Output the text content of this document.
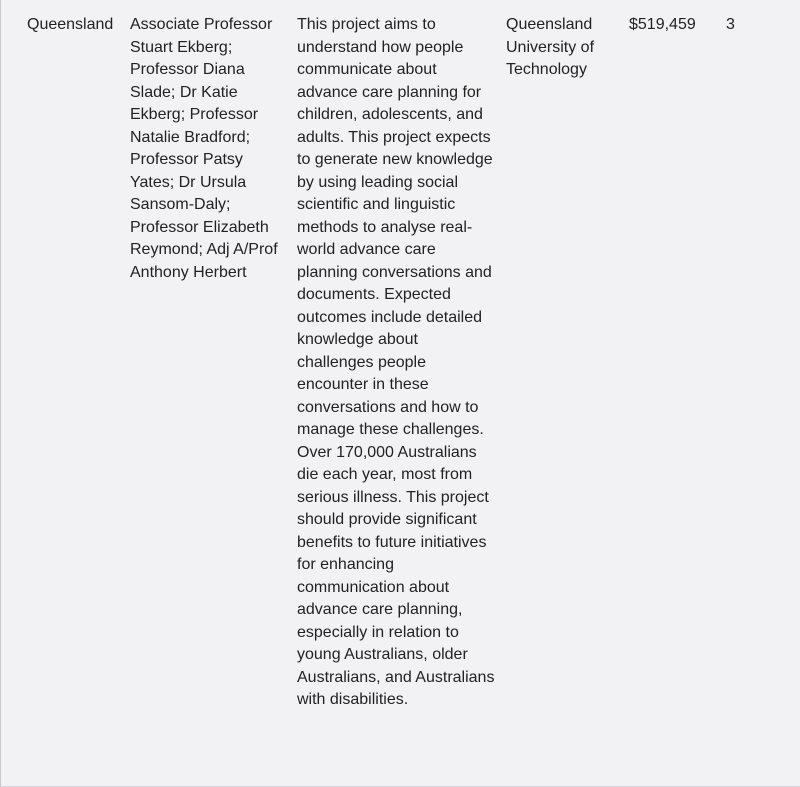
Queensland	Associate Professor Stuart Ekberg; Professor Diana Slade; Dr Katie Ekberg; Professor Natalie Bradford; Professor Patsy Yates; Dr Ursula Sansom-Daly; Professor Elizabeth Reymond; Adj A/Prof Anthony Herbert
This project aims to understand how people communicate about advance care planning for children, adolescents, and adults. This project expects to generate new knowledge by using leading social scientific and linguistic methods to analyse real-world advance care planning conversations and documents. Expected outcomes include detailed knowledge about challenges people encounter in these conversations and how to manage these challenges. Over 170,000 Australians die each year, most from serious illness. This project should provide significant benefits to future initiatives for enhancing communication about advance care planning, especially in relation to young Australians, older Australians, and Australians with disabilities.
Queensland University of Technology
$519,459	3
